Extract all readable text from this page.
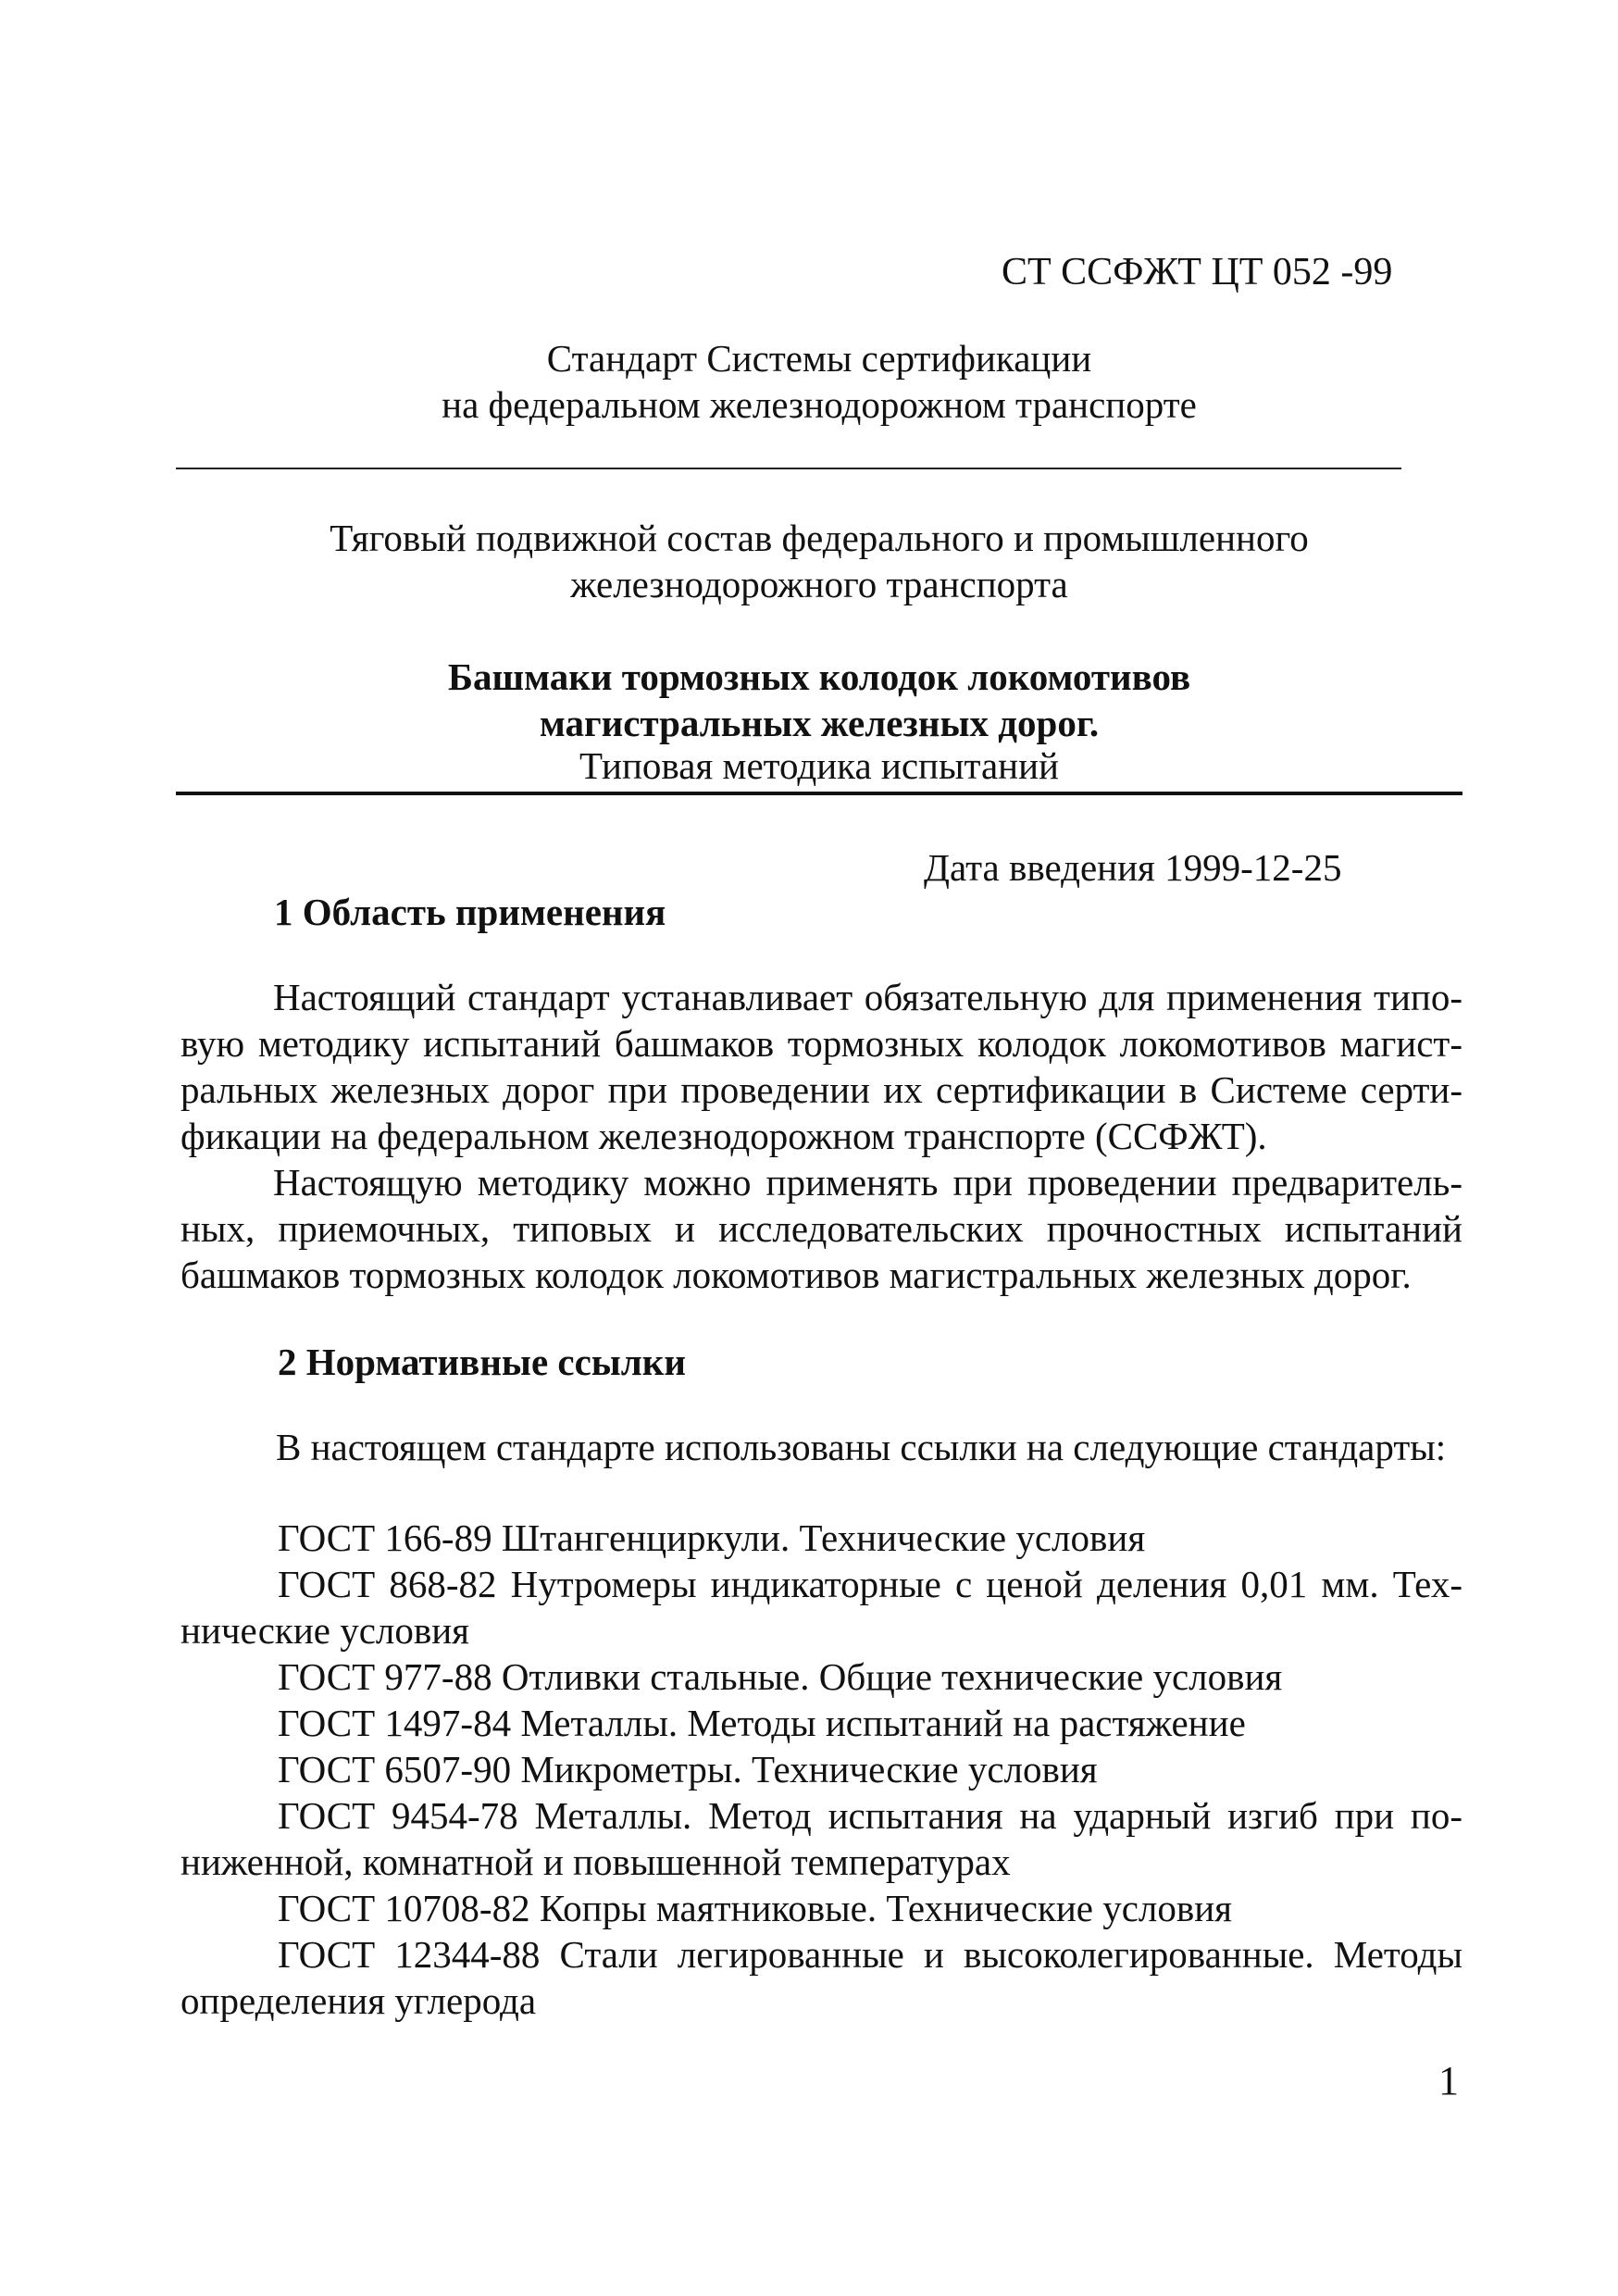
СТ ССФЖТ ЦТ 052 -99
Стандарт Системы сертификации
на федеральном железнодорожном транспорте
Тяговый подвижной состав федерального и промышленного
железнодорожного транспорта
Башмаки тормозных колодок локомотивов
магистральных железных дорог.
Типовая методика испытаний
Дата введения 1999-12-25
1 Область применения
Настоящий стандарт устанавливает обязательную для применения типо-
вую методику испытаний башмаков тормозных колодок локомотивов магист-
ральных железных дорог при проведении их сертификации в Системе серти-
фикации на федеральном железнодорожном транспорте (ССФЖТ).
Настоящую методику можно применять при проведении предваритель-
ных, приемочных, типовых и исследовательских прочностных испытаний
башмаков тормозных колодок локомотивов магистральных железных дорог.
2 Нормативные ссылки
В настоящем стандарте использованы ссылки на следующие стандарты:
ГОСТ 166-89 Штангенциркули. Технические условия
ГОСТ 868-82 Нутромеры индикаторные с ценой деления 0,01 мм. Тех-
нические условия
ГОСТ 977-88 Отливки стальные. Общие технические условия
ГОСТ 1497-84 Металлы. Методы испытаний на растяжение
ГОСТ 6507-90 Микрометры. Технические условия
ГОСТ 9454-78 Металлы. Метод испытания на ударный изгиб при по-
ниженной, комнатной и повышенной температурах
ГОСТ 10708-82 Копры маятниковые. Технические условия
ГОСТ 12344-88 Стали легированные и высоколегированные. Методы
определения углерода
1
